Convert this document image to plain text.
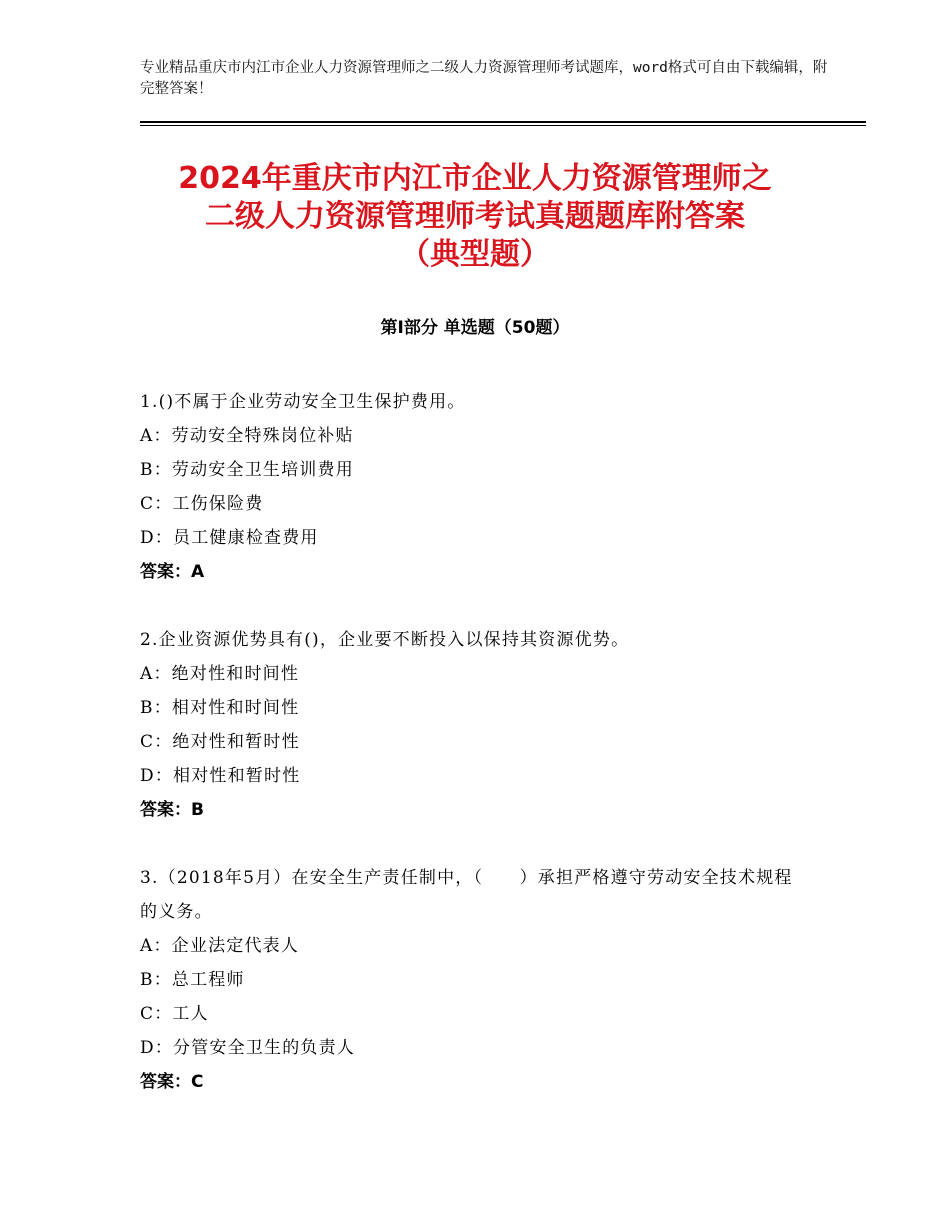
专业精品重庆市内江市企业人力资源管理师之二级人力资源管理师考试题库，word格式可自由下载编辑，附完整答案！
2024年重庆市内江市企业人力资源管理师之
二级人力资源管理师考试真题题库附答案
（典型题）
第Ⅰ部分 单选题（50题）

1.()不属于企业劳动安全卫生保护费用。

A：劳动安全特殊岗位补贴

B：劳动安全卫生培训费用

C：工伤保险费

D：员工健康检查费用

答案：A

2.企业资源优势具有()，企业要不断投入以保持其资源优势。

A：绝对性和时间性

B：相对性和时间性

C：绝对性和暂时性

D：相对性和暂时性

答案：B

3.（2018年5月）在安全生产责任制中，（　　）承担严格遵守劳动安全技术规程的义务。

A：企业法定代表人

B：总工程师

C：工人

D：分管安全卫生的负责人

答案：C
